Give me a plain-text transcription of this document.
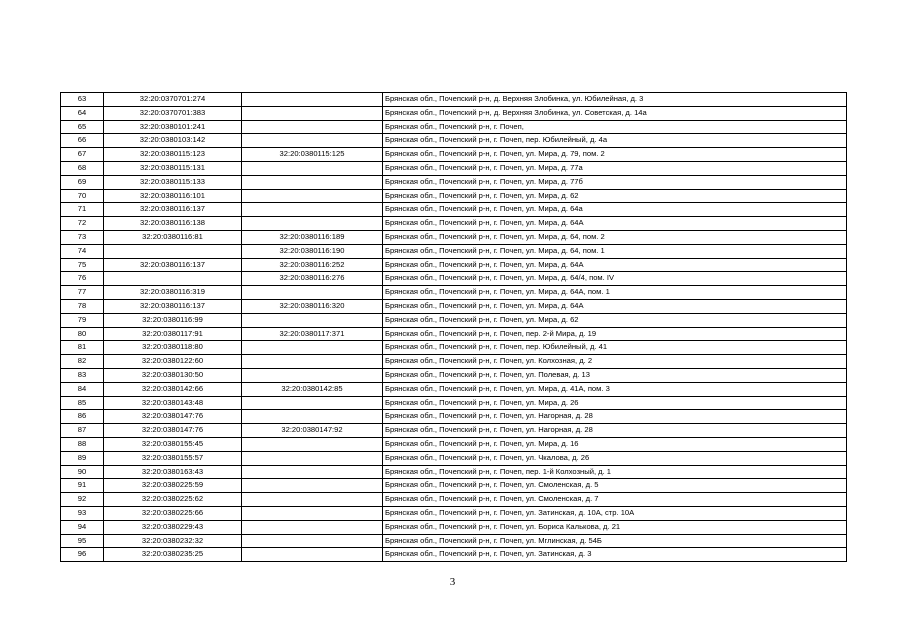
63	32:20:0370701:274		Брянская обл., Почепский р-н, д. Верхняя Злобинка, ул. Юбилейная, д. 3
64	32:20:0370701:383		Брянская обл., Почепский р-н, д. Верхняя Злобинка, ул. Советская, д. 14а
65	32:20:0380101:241		Брянская обл., Почепский р-н, г. Почеп,
66	32:20:0380103:142		Брянская обл., Почепский р-н, г. Почеп, пер. Юбилейный, д. 4а
67	32:20:0380115:123	32:20:0380115:125	Брянская обл., Почепский р-н, г. Почеп, ул. Мира, д. 79, пом. 2
68	32:20:0380115:131		Брянская обл., Почепский р-н, г. Почеп, ул. Мира, д. 77а
69	32:20:0380115:133		Брянская обл., Почепский р-н, г. Почеп, ул. Мира, д. 77б
70	32:20:0380116:101		Брянская обл., Почепский р-н, г. Почеп, ул. Мира, д. 62
71	32:20:0380116:137		Брянская обл., Почепский р-н, г. Почеп, ул. Мира, д. 64а
72	32:20:0380116:138		Брянская обл., Почепский р-н, г. Почеп, ул. Мира, д. 64А
73	32:20:0380116:81	32:20:0380116:189	Брянская обл., Почепский р-н, г. Почеп, ул. Мира, д. 64, пом. 2
74		32:20:0380116:190	Брянская обл., Почепский р-н, г. Почеп, ул. Мира, д. 64, пом. 1
75	32:20:0380116:137	32:20:0380116:252	Брянская обл., Почепский р-н, г. Почеп, ул. Мира, д. 64А
76		32:20:0380116:276	Брянская обл., Почепский р-н, г. Почеп, ул. Мира, д. 64/4, пом. IV
77	32:20:0380116:319		Брянская обл., Почепский р-н, г. Почеп, ул. Мира, д. 64А, пом. 1
78	32:20:0380116:137	32:20:0380116:320	Брянская обл., Почепский р-н, г. Почеп, ул. Мира, д. 64А
79	32:20:0380116:99		Брянская обл., Почепский р-н, г. Почеп, ул. Мира, д. 62
80	32:20:0380117:91	32:20:0380117:371	Брянская обл., Почепский р-н, г. Почеп, пер. 2-й Мира, д. 19
81	32:20:0380118:80		Брянская обл., Почепский р-н, г. Почеп, пер. Юбилейный, д. 41
82	32:20:0380122:60		Брянская обл., Почепский р-н, г. Почеп, ул. Колхозная, д. 2
83	32:20:0380130:50		Брянская обл., Почепский р-н, г. Почеп, ул. Полевая, д. 13
84	32:20:0380142:66	32:20:0380142:85	Брянская обл., Почепский р-н, г. Почеп, ул. Мира, д. 41А, пом. 3
85	32:20:0380143:48		Брянская обл., Почепский р-н, г. Почеп, ул. Мира, д. 26
86	32:20:0380147:76		Брянская обл., Почепский р-н, г. Почеп, ул. Нагорная, д. 28
87	32:20:0380147:76	32:20:0380147:92	Брянская обл., Почепский р-н, г. Почеп, ул. Нагорная, д. 28
88	32:20:0380155:45		Брянская обл., Почепский р-н, г. Почеп, ул. Мира, д. 16
89	32:20:0380155:57		Брянская обл., Почепский р-н, г. Почеп, ул. Чкалова, д. 26
90	32:20:0380163:43		Брянская обл., Почепский р-н, г. Почеп, пер. 1-й Колхозный, д. 1
91	32:20:0380225:59		Брянская обл., Почепский р-н, г. Почеп, ул. Смоленская, д. 5
92	32:20:0380225:62		Брянская обл., Почепский р-н, г. Почеп, ул. Смоленская, д. 7
93	32:20:0380225:66		Брянская обл., Почепский р-н, г. Почеп, ул. Затинская, д. 10А, стр. 10А
94	32:20:0380229:43		Брянская обл., Почепский р-н, г. Почеп, ул. Бориса Калькова, д. 21
95	32:20:0380232:32		Брянская обл., Почепский р-н, г. Почеп, ул. Мглинская, д. 54Б
96	32:20:0380235:25		Брянская обл., Почепский р-н, г. Почеп, ул. Затинская, д. 3
3
